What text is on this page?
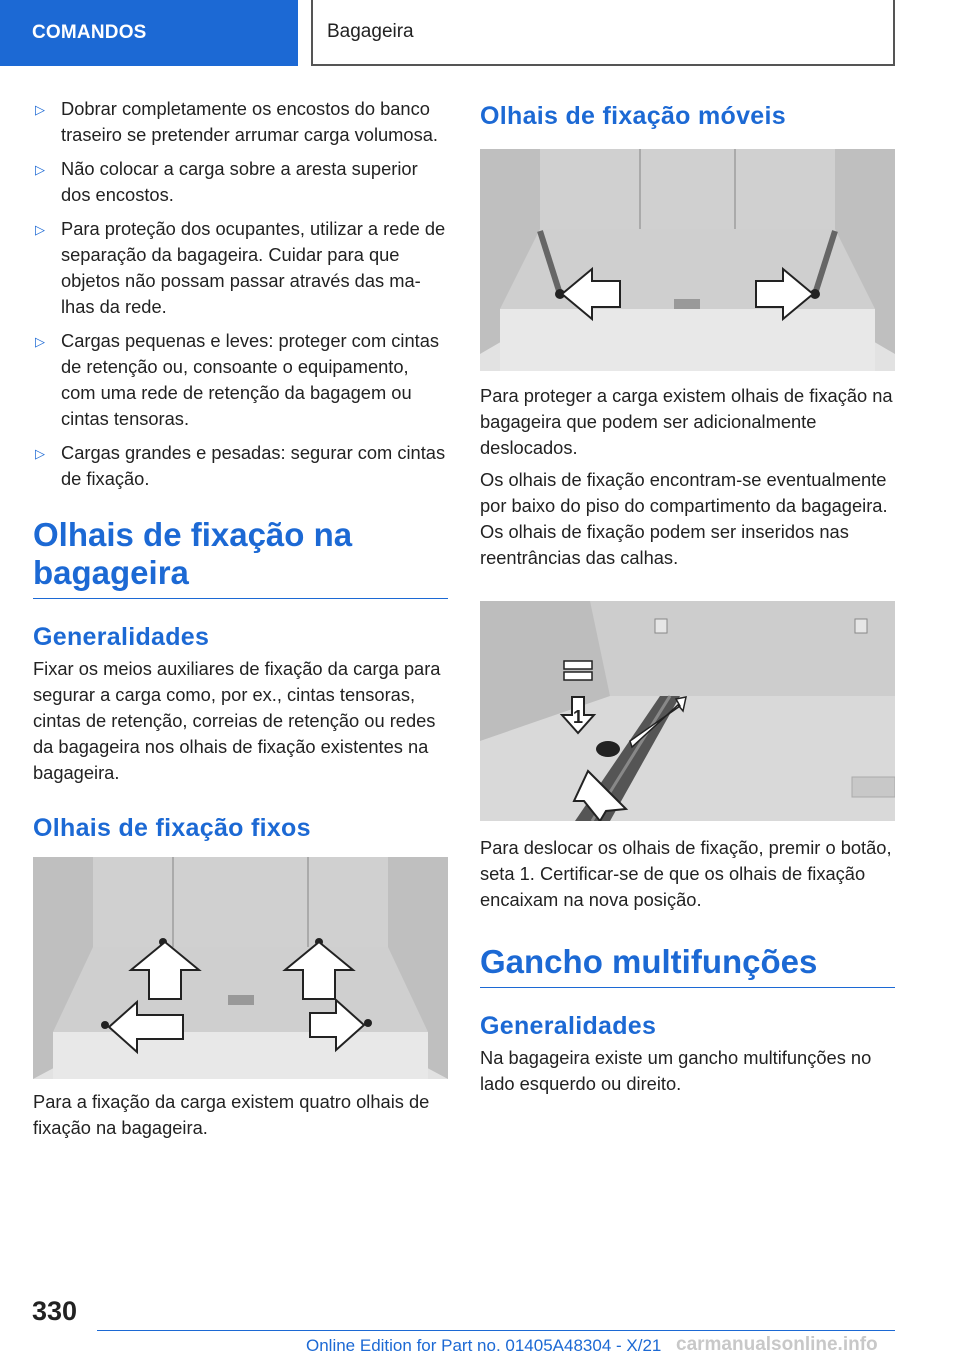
COMANDOS	Bagageira
▷ Dobrar completamente os encostos do banco traseiro se pretender arrumar carga volumosa.
▷ Não colocar a carga sobre a aresta superior dos encostos.
▷ Para proteção dos ocupantes, utilizar a rede de separação da bagageira. Cuidar para que objetos não possam passar através das malhas da rede.
▷ Cargas pequenas e leves: proteger com cintas de retenção ou, consoante o equipamento, com uma rede de retenção da bagagem ou cintas tensoras.
▷ Cargas grandes e pesadas: segurar com cintas de fixação.
Olhais de fixação na bagageira
Generalidades

Fixar os meios auxiliares de fixação da carga para segurar a carga como, por ex., cintas tensoras, cintas de retenção, correias de retenção ou redes da bagageira nos olhais de fixação existentes na bagageira.

Olhais de fixação fixos

Para a fixação da carga existem quatro olhais de fixação na bagageira.

Olhais de fixação móveis

Para proteger a carga existem olhais de fixação na bagageira que podem ser adicionalmente deslocados.

Os olhais de fixação encontram-se eventualmente por baixo do piso do compartimento da bagageira. Os olhais de fixação podem ser inseridos nas reentrâncias das calhas.

1

Para deslocar os olhais de fixação, premir o botão, seta 1. Certificar-se de que os olhais de fixação encaixam na nova posição.

Gancho multifunções
Generalidades

Na bagageira existe um gancho multifunções no lado esquerdo ou direito.

330
Online Edition for Part no. 01405A48304 - X/21 carmanualsonline.info
